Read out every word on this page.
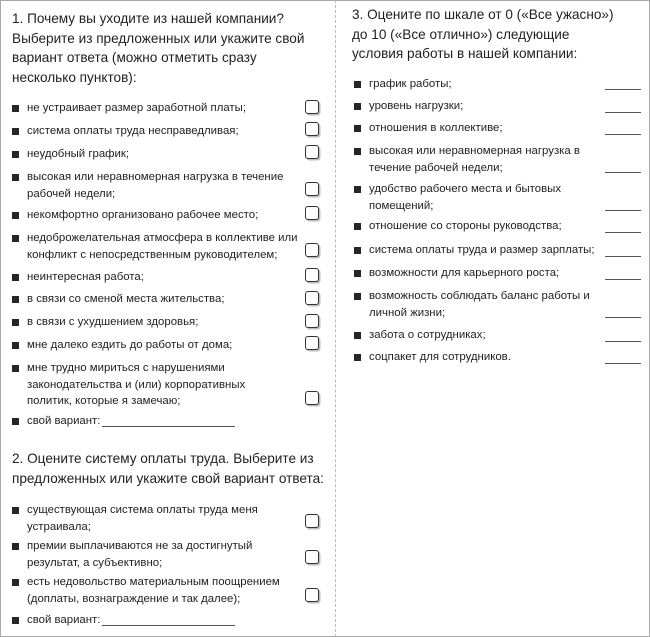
1. Почему вы уходите из нашей компании? Выберите из предложенных или укажите свой вариант ответа (можно отметить сразу несколько пунктов):
не устраивает размер заработной платы;
система оплаты труда несправедливая;
неудобный график;
высокая или неравномерная нагрузка в течение рабочей недели;
некомфортно организовано рабочее место;
недоброжелательная атмосфера в коллективе или конфликт с непосредственным руководителем;
неинтересная работа;
в связи со сменой места жительства;
в связи с ухудшением здоровья;
мне далеко ездить до работы от дома;
мне трудно мириться с нарушениями законодательства и (или) корпоративных политик, которые я замечаю;
свой вариант:
2. Оцените систему оплаты труда. Выберите из предложенных или укажите свой вариант ответа:
существующая система оплаты труда меня устраивала;
премии выплачиваются не за достигнутый результат, а субъективно;
есть недовольство материальным поощрением (доплаты, вознаграждение и так далее);
свой вариант:
3. Оцените по шкале от 0 («Все ужасно») до 10 («Все отлично») следующие условия работы в нашей компании:
график работы;
уровень нагрузки;
отношения в коллективе;
высокая или неравномерная нагрузка в течение рабочей недели;
удобство рабочего места и бытовых помещений;
отношение со стороны руководства;
система оплаты труда и размер зарплаты;
возможности для карьерного роста;
возможность соблюдать баланс работы и личной жизни;
забота о сотрудниках;
соцпакет для сотрудников.
